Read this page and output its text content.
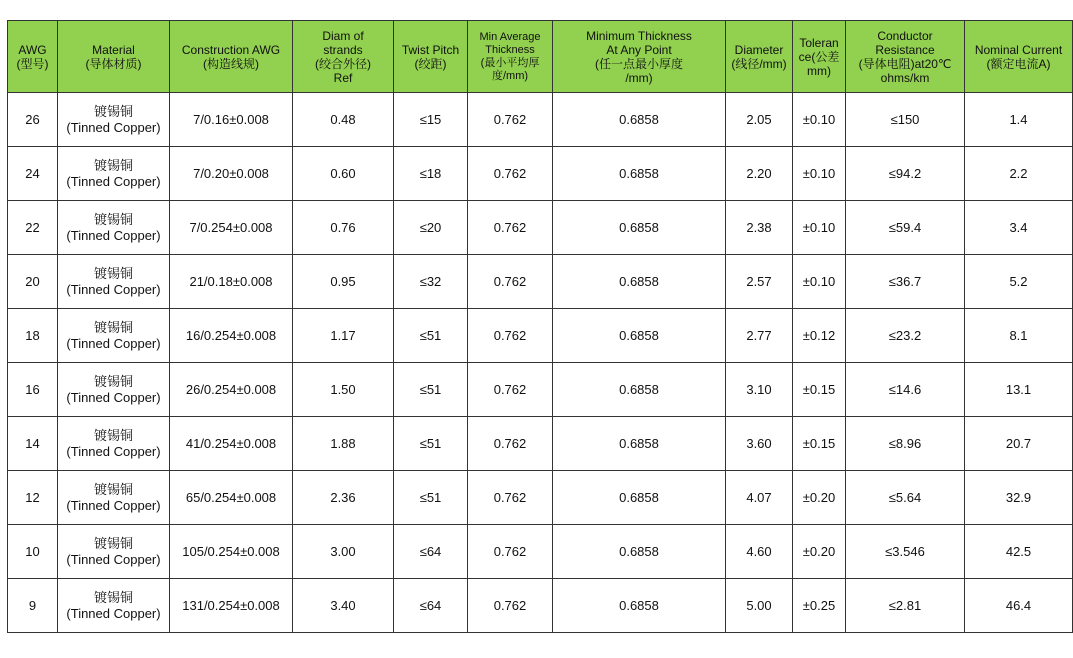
AWG
(型号)	Material
(导体材质)	Construction AWG
(构造线规)	Diam of
strands
(绞合外径)
Ref	Twist Pitch
(绞距)	Min Average
Thickness
(最小平均厚
度/mm)	Minimum Thickness
At Any Point
(任一点最小厚度
/mm)	Diameter
(线径/mm)	Toleran
ce(公差
mm)	Conductor
Resistance
(导体电阻)at20℃
ohms/km	Nominal Current
(额定电流A)

26	镀锡铜
(Tinned Copper)	7/0.16±0.008	0.48	≤15	0.762	0.6858	2.05	±0.10	≤150	1.4
24	镀锡铜
(Tinned Copper)	7/0.20±0.008	0.60	≤18	0.762	0.6858	2.20	±0.10	≤94.2	2.2
22	镀锡铜
(Tinned Copper)	7/0.254±0.008	0.76	≤20	0.762	0.6858	2.38	±0.10	≤59.4	3.4
20	镀锡铜
(Tinned Copper)	21/0.18±0.008	0.95	≤32	0.762	0.6858	2.57	±0.10	≤36.7	5.2
18	镀锡铜
(Tinned Copper)	16/0.254±0.008	1.17	≤51	0.762	0.6858	2.77	±0.12	≤23.2	8.1
16	镀锡铜
(Tinned Copper)	26/0.254±0.008	1.50	≤51	0.762	0.6858	3.10	±0.15	≤14.6	13.1
14	镀锡铜
(Tinned Copper)	41/0.254±0.008	1.88	≤51	0.762	0.6858	3.60	±0.15	≤8.96	20.7
12	镀锡铜
(Tinned Copper)	65/0.254±0.008	2.36	≤51	0.762	0.6858	4.07	±0.20	≤5.64	32.9
10	镀锡铜
(Tinned Copper)	105/0.254±0.008	3.00	≤64	0.762	0.6858	4.60	±0.20	≤3.546	42.5
9	镀锡铜
(Tinned Copper)	131/0.254±0.008	3.40	≤64	0.762	0.6858	5.00	±0.25	≤2.81	46.4
